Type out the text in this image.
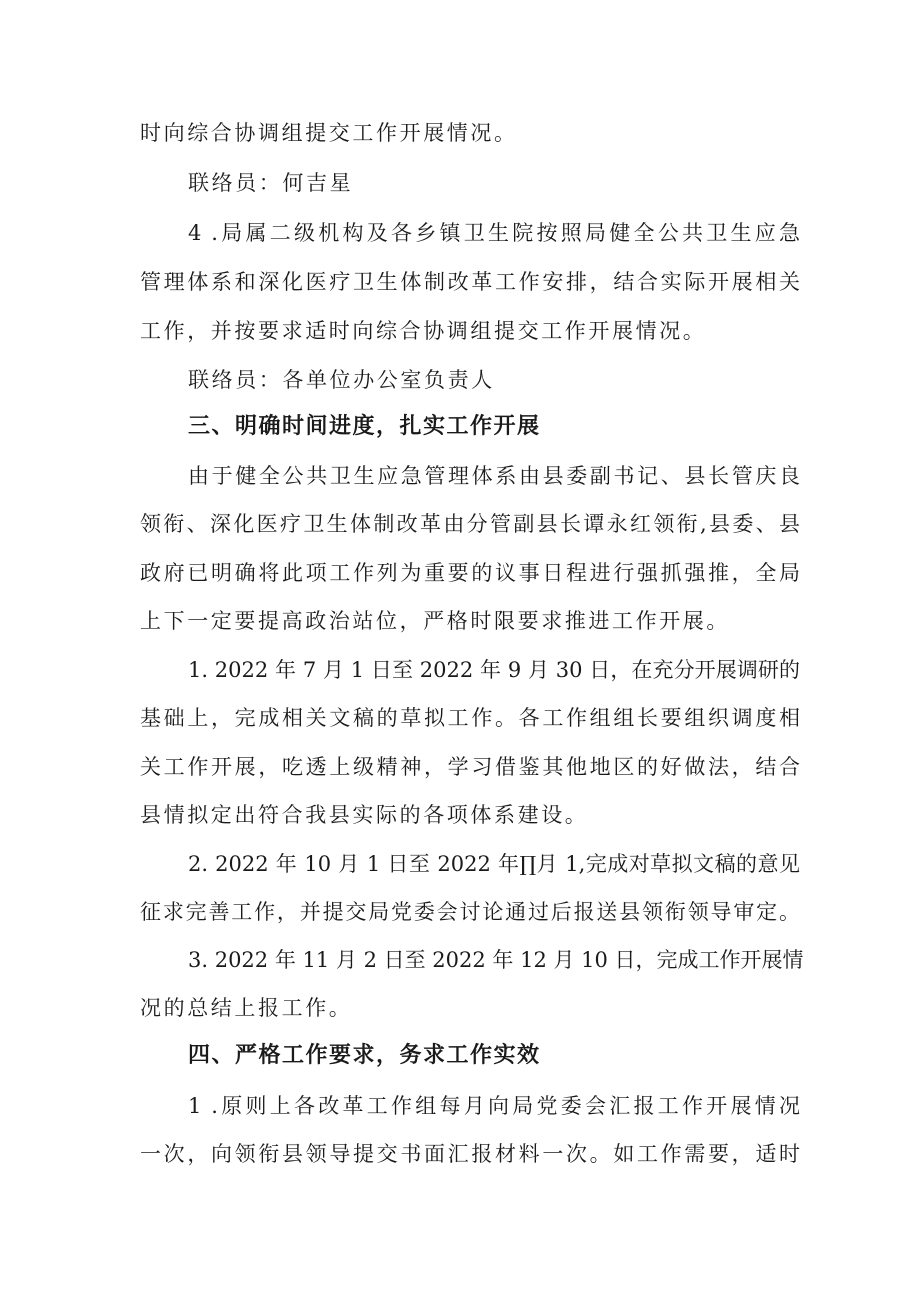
时向综合协调组提交工作开展情况。
联络员：何吉星
4 .局属二级机构及各乡镇卫生院按照局健全公共卫生应急
管理体系和深化医疗卫生体制改革工作安排，结合实际开展相关
工作，并按要求适时向综合协调组提交工作开展情况。
联络员：各单位办公室负责人
三、明确时间进度，扎实工作开展
由于健全公共卫生应急管理体系由县委副书记、县长管庆良
领衔、深化医疗卫生体制改革由分管副县长谭永红领衔,县委、县
政府已明确将此项工作列为重要的议事日程进行强抓强推，全局
上下一定要提高政治站位，严格时限要求推进工作开展。
1. 2022 年 7 月 1 日至 2022 年 9 月 30 日，在充分开展调研的
基础上，完成相关文稿的草拟工作。各工作组组长要组织调度相
关工作开展，吃透上级精神，学习借鉴其他地区的好做法，结合
县情拟定出符合我县实际的各项体系建设。
2. 2022 年 10 月 1 日至 2022 年∏月 1,完成对草拟文稿的意见
征求完善工作，并提交局党委会讨论通过后报送县领衔领导审定。
3. 2022 年 11 月 2 日至 2022 年 12 月 10 日，完成工作开展情
况的总结上报工作。
四、严格工作要求，务求工作实效
1 .原则上各改革工作组每月向局党委会汇报工作开展情况
一次，向领衔县领导提交书面汇报材料一次。如工作需要，适时
